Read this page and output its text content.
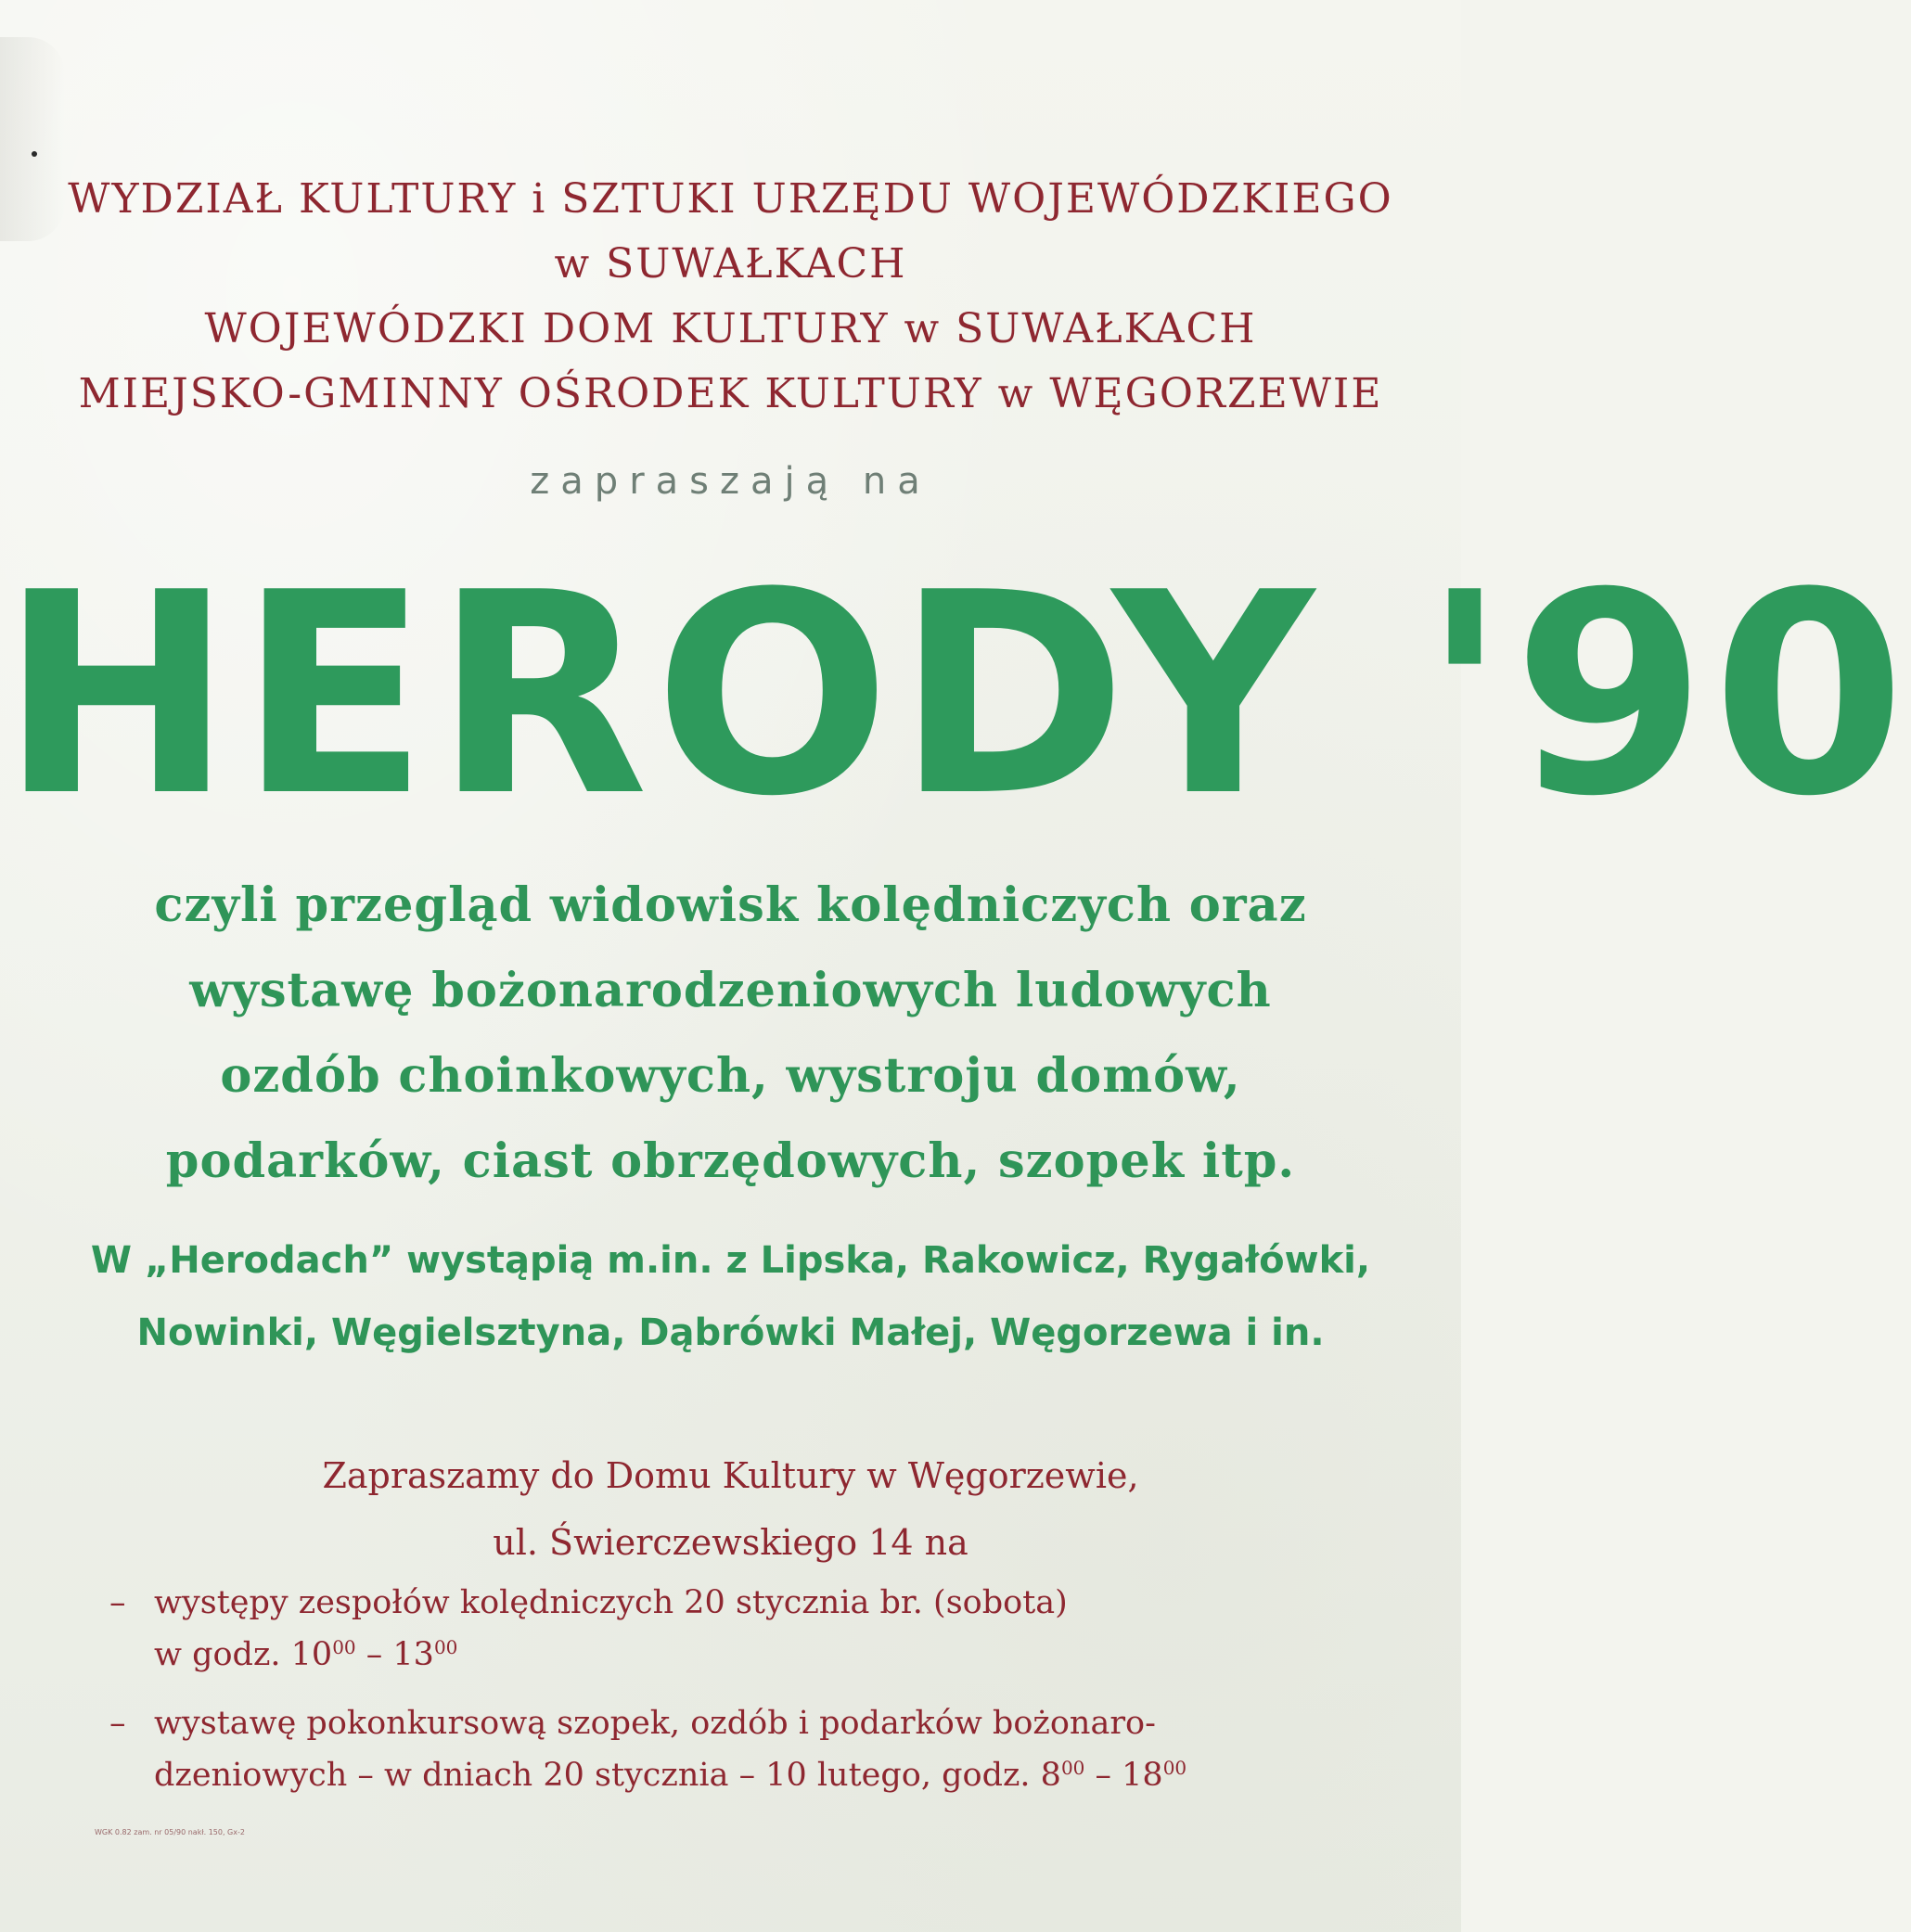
WYDZIAŁ KULTURY i SZTUKI URZĘDU WOJEWÓDZKIEGO
w SUWAŁKACH
WOJEWÓDZKI DOM KULTURY w SUWAŁKACH
MIEJSKO-GMINNY OŚRODEK KULTURY w WĘGORZEWIE
zapraszają na
HERODY '90
czyli przegląd widowisk kolędniczych oraz
wystawę bożonarodzeniowych ludowych
ozdób choinkowych, wystroju domów,
podarków, ciast obrzędowych, szopek itp.
W „Herodach” wystąpią m.in. z Lipska, Rakowicz, Rygałówki,
Nowinki, Węgielsztyna, Dąbrówki Małej, Węgorzewa i in.
Zapraszamy do Domu Kultury w Węgorzewie,
ul. Świerczewskiego 14 na
– występy zespołów kolędniczych 20 stycznia br. (sobota)
w godz. $10^{00} - 13^{00}$
– wystawę pokonkursową szopek, ozdób i podarków bożonaro-
dzeniowych – w dniach 20 stycznia – 10 lutego, godz. $8^{00} - 18^{00}$
WGK 0.82 zam. nr 05/90 nakł. 150, Gx-2
